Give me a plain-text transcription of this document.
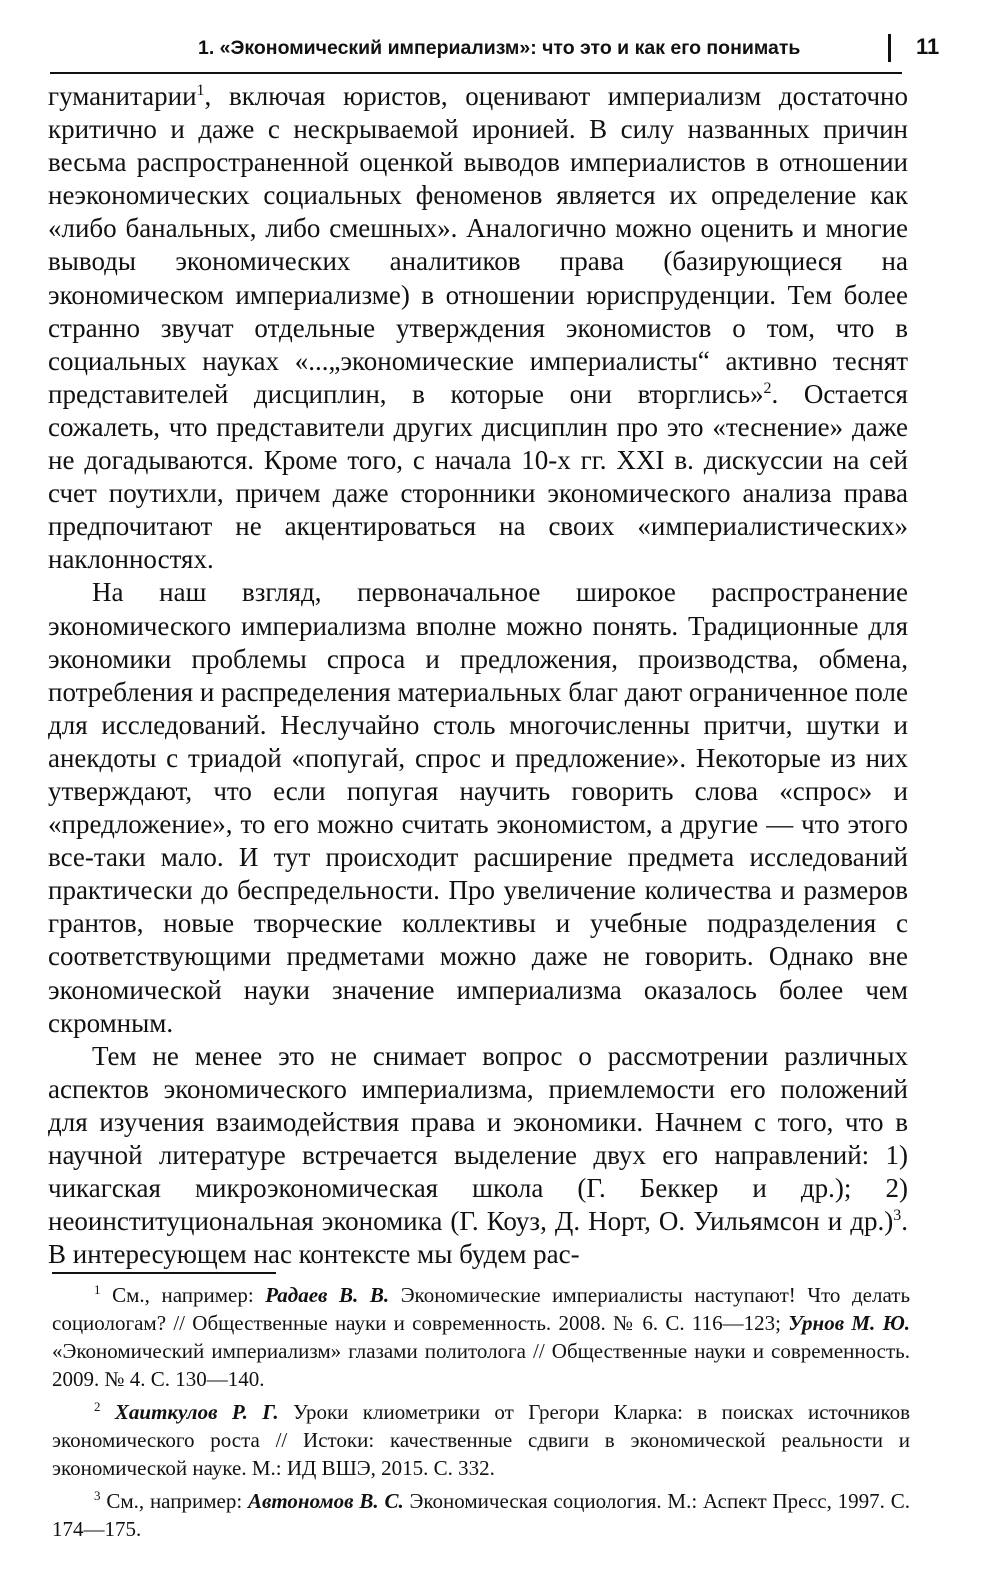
1. «Экономический империализм»: что это и как его понимать	11

гуманитарии$^1$, включая юристов, оценивают империализм достаточно критично и даже с нескрываемой иронией. В силу названных причин весьма распространенной оценкой выводов империалистов в отношении неэкономических социальных феноменов является их определение как «либо банальных, либо смешных». Аналогично можно оценить и многие выводы экономических аналитиков права (базирующиеся на экономическом империализме) в отношении юриспруденции. Тем более странно звучат отдельные утверждения экономистов о том, что в социальных науках «...„экономические империалисты“ активно теснят представителей дисциплин, в которые они вторглись»$^2$. Остается сожалеть, что представители других дисциплин про это «теснение» даже не догадываются. Кроме того, с начала 10-х гг. XXI в. дискуссии на сей счет поутихли, причем даже сторонники экономического анализа права предпочитают не акцентироваться на своих «империалистических» наклонностях.

На наш взгляд, первоначальное широкое распространение экономического империализма вполне можно понять. Традиционные для экономики проблемы спроса и предложения, производства, обмена, потребления и распределения материальных благ дают ограниченное поле для исследований. Неслучайно столь многочисленны притчи, шутки и анекдоты с триадой «попугай, спрос и предложение». Некоторые из них утверждают, что если попугая научить говорить слова «спрос» и «предложение», то его можно считать экономистом, а другие — что этого все-таки мало. И тут происходит расширение предмета исследований практически до беспредельности. Про увеличение количества и размеров грантов, новые творческие коллективы и учебные подразделения с соответствующими предметами можно даже не говорить. Однако вне экономической науки значение империализма оказалось более чем скромным.

Тем не менее это не снимает вопрос о рассмотрении различных аспектов экономического империализма, приемлемости его положений для изучения взаимодействия права и экономики. Начнем с того, что в научной литературе встречается выделение двух его направлений: 1) чикагская микроэкономическая школа (Г. Беккер и др.); 2) неоинституциональная экономика (Г. Коуз, Д. Норт, О. Уильямсон и др.)$^3$. В интересующем нас контексте мы будем рас-

$^1$ См., например: Радаев В. В. Экономические империалисты наступают! Что делать социологам? // Общественные науки и современность. 2008. № 6. С. 116—123; Урнов М. Ю. «Экономический империализм» глазами политолога // Общественные науки и современность. 2009. № 4. С. 130—140.

$^2$ Хаиткулов Р. Г. Уроки клиометрики от Грегори Кларка: в поисках источников экономического роста // Истоки: качественные сдвиги в экономической реальности и экономической науке. М.: ИД ВШЭ, 2015. С. 332.

$^3$ См., например: Автономов В. С. Экономическая социология. М.: Аспект Пресс, 1997. С. 174—175.
